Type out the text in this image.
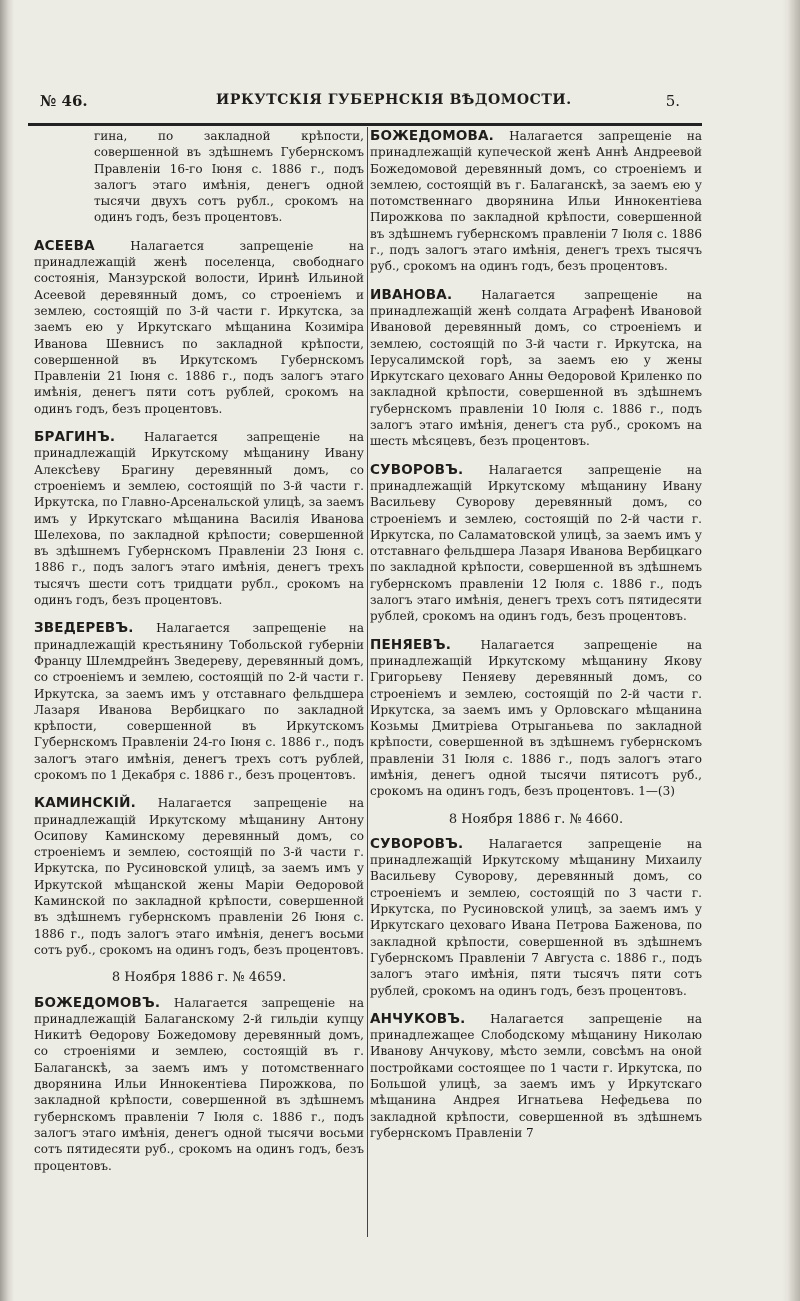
№ 46.	ИРКУТСКІЯ ГУБЕРНСКІЯ ВѢДОМОСТИ.	5.
гина, по закладной крѣпости, совершенной въ здѣшнемъ Губернскомъ Правленіи 16-го Іюня с. 1886 г., подъ залогъ этаго имѣнія, денегъ одной тысячи двухъ сотъ рубл., срокомъ на одинъ годъ, безъ процентовъ.
АСЕЕВА	Налагается запрещеніе на принадлежащій женѣ поселенца, свободнаго состоянія, Манзурской волости, Иринѣ Ильиной Асеевой деревянный домъ, со строеніемъ и землею, состоящій по 3-й части г. Иркутска, за заемъ ею у Иркутскаго мѣщанина Козиміра Ивановa Шевнисъ по закладной крѣпости, совершенной въ Иркутскомъ Губернскомъ Правленіи 21 Іюня с. 1886 г., подъ залогъ этаго имѣнія, денегъ пяти сотъ рублей, срокомъ на одинъ годъ, безъ процентовъ.
БРАГИНЪ. Налагается запрещеніе на принадлежащій Иркутскому мѣщанину Ивану Алексѣеву Брагину деревянный домъ, со строеніемъ и землею, состоящій по 3-й части г. Иркутска, по Главно-Арсенальской улицѣ, за заемъ имъ у Иркутскаго мѣщанина Василія Иванова Шелехова, по закладной крѣпости; совершенной въ здѣшнемъ Губернскомъ Правленіи 23 Іюня с. 1886 г., подъ залогъ этаго имѣнія, денегъ трехъ тысячъ шести сотъ тридцати рубл., срокомъ на одинъ годъ, безъ процентовъ.
ЗВЕДЕРЕВЪ. Налагается запрещеніе на принадлежащій крестьянину Тобольской губерніи Францу Шлемдрейнъ Зведереву, деревянный домъ, со строеніемъ и землею, состоящій по 2-й части г. Иркутска, за заемъ имъ у отставнаго фельдшера Лазаря Иванова Вербицкаго по закладной крѣпости, совершенной въ Иркутскомъ Губернскомъ Правленіи 24-го Іюня с. 1886 г., подъ залогъ этаго имѣнія, денегъ трехъ сотъ рублей, срокомъ по 1 Декабря с. 1886 г., безъ процентовъ.
КАМИНСКІЙ. Налагается запрещеніе на принадлежащій Иркутскому мѣщанину Антону Осипову Каминскому деревянный домъ, со строеніемъ и землею, состоящій по 3-й части г. Иркутска, по Русиновской улицѣ, за заемъ имъ у Иркутской мѣщанской жены Маріи Ѳедоровой Каминской по закладной крѣпости, совершенной въ здѣшнемъ губернскомъ правленіи 26 Іюня с. 1886 г., подъ залогъ этаго имѣнія, денегъ восьми сотъ руб., срокомъ на одинъ годъ, безъ процентовъ.
8 Ноября 1886 г. № 4659.
БОЖЕДОМОВЪ. Налагается запрещеніе на принадлежащій Балаганскому 2-й гильдіи купцу Никитѣ Ѳедорову Божедомову деревянный домъ, со строеніями и землею, состоящій въ г. Балаганскѣ, за заемъ имъ у потомственнаго дворянина Ильи Иннокентіева Пирожкова, по закладной крѣпости, совершенной въ здѣшнемъ губернскомъ правленіи 7 Іюля с. 1886 г., подъ залогъ этаго имѣнія, денегъ одной тысячи восьми сотъ пятидесяти руб., срокомъ на одинъ годъ, безъ процентовъ.
БОЖЕДОМОВА. Налагается запрещеніе на принадлежащій купеческой женѣ Аннѣ Андреевой Божедомовой деревянный домъ, со строеніемъ и землею, состоящій въ г. Балаганскѣ, за заемъ ею у потомственнаго дворянина Ильи Иннокентіева Пирожкова по закладной крѣпости, совершенной въ здѣшнемъ губернскомъ правленіи 7 Іюля с. 1886 г., подъ залогъ этаго имѣнія, денегъ трехъ тысячъ руб., срокомъ на одинъ годъ, безъ процентовъ.
ИВАНОВА. Налагается запрещеніе на принадлежащій женѣ солдата Аграфенѣ Ивановой Ивановой деревянный домъ, со строеніемъ и землею, состоящій по 3-й части г. Иркутска, на Іерусалимской горѣ, за заемъ ею у жены Иркутскаго цеховаго Анны Ѳедоровой Криленко по закладной крѣпости, совершенной въ здѣшнемъ губернскомъ правленіи 10 Іюля с. 1886 г., подъ залогъ этаго имѣнія, денегъ ста руб., срокомъ на шесть мѣсяцевъ, безъ процентовъ.
СУВОРОВЪ. Налагается запрещеніе на принадлежащій Иркутскому мѣщанину Ивану Васильеву Суворову деревянный домъ, со строеніемъ и землею, состоящій по 2-й части г. Иркутска, по Саламатовской улицѣ, за заемъ имъ у отставнаго фельдшера Лазаря Иванова Вербицкаго по закладной крѣпости, совершенной въ здѣшнемъ губернскомъ правленіи 12 Іюля с. 1886 г., подъ залогъ этаго имѣнія, денегъ трехъ сотъ пятидесяти рублей, срокомъ на одинъ годъ, безъ процентовъ.
ПЕНЯЕВЪ. Налагается запрещеніе на принадлежащій Иркутскому мѣщанину Якову Григорьеву Пеняеву деревянный домъ, со строеніемъ и землею, состоящій по 2-й части г. Иркутска, за заемъ имъ у Орловскаго мѣщанина Козьмы Дмитріева Отрыганьева по закладной крѣпости, совершенной въ здѣшнемъ губернскомъ правленіи 31 Іюля с. 1886 г., подъ залогъ этаго имѣнія, денегъ одной тысячи пятисотъ руб., срокомъ на одинъ годъ, безъ процентовъ. 1—(3)
8 Ноября 1886 г. № 4660.
СУВОРОВЪ. Налагается запрещеніе на принадлежащій Иркутскому мѣщанину Михаилу Васильеву Суворову, деревянный домъ, со строеніемъ и землею, состоящій по 3 части г. Иркутска, по Русиновской улицѣ, за заемъ имъ у Иркутскаго цеховаго Ивана Петрова Баженова, по закладной крѣпости, совершенной въ здѣшнемъ Губернскомъ Правленіи 7 Августа с. 1886 г., подъ залогъ этаго имѣнія, пяти тысячъ пяти сотъ рублей, срокомъ на одинъ годъ, безъ процентовъ.
АНЧУКОВЪ. Налагается запрещеніе на принадлежащее Слободскому мѣщанину Николаю Ивановy Анчукову, мѣсто земли, совсѣмъ на оной постройками состоящее по 1 части г. Иркутска, по Большой улицѣ, за заемъ имъ у Иркутскаго мѣщанина Андрея Игнатьева Нефедьева по закладной крѣпости, совершенной въ здѣшнемъ губернскомъ Правленіи 7
